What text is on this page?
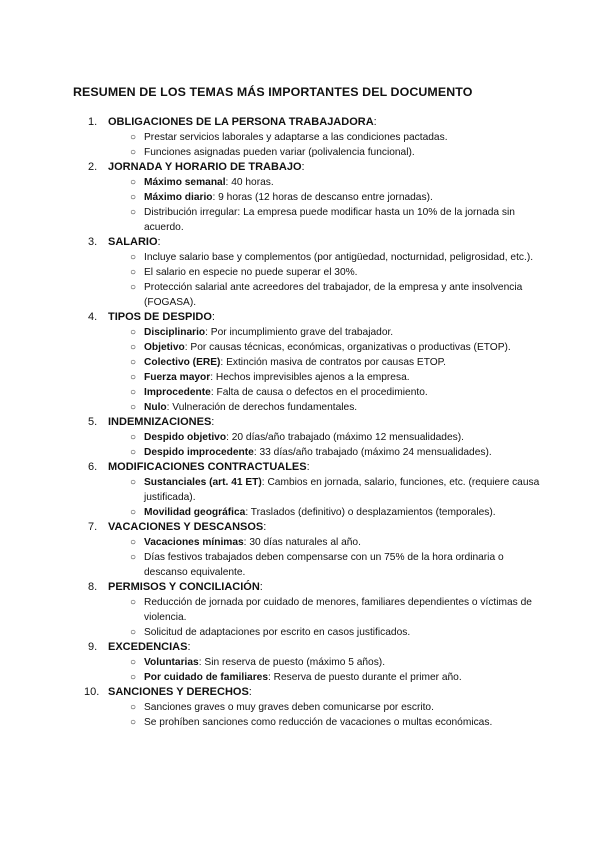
RESUMEN DE LOS TEMAS MÁS IMPORTANTES DEL DOCUMENTO
1. OBLIGACIONES DE LA PERSONA TRABAJADORA:
○ Prestar servicios laborales y adaptarse a las condiciones pactadas.
○ Funciones asignadas pueden variar (polivalencia funcional).
2. JORNADA Y HORARIO DE TRABAJO:
○ Máximo semanal: 40 horas.
○ Máximo diario: 9 horas (12 horas de descanso entre jornadas).
○ Distribución irregular: La empresa puede modificar hasta un 10% de la jornada sin acuerdo.
3. SALARIO:
○ Incluye salario base y complementos (por antigüedad, nocturnidad, peligrosidad, etc.).
○ El salario en especie no puede superar el 30%.
○ Protección salarial ante acreedores del trabajador, de la empresa y ante insolvencia (FOGASA).
4. TIPOS DE DESPIDO:
○ Disciplinario: Por incumplimiento grave del trabajador.
○ Objetivo: Por causas técnicas, económicas, organizativas o productivas (ETOP).
○ Colectivo (ERE): Extinción masiva de contratos por causas ETOP.
○ Fuerza mayor: Hechos imprevisibles ajenos a la empresa.
○ Improcedente: Falta de causa o defectos en el procedimiento.
○ Nulo: Vulneración de derechos fundamentales.
5. INDEMNIZACIONES:
○ Despido objetivo: 20 días/año trabajado (máximo 12 mensualidades).
○ Despido improcedente: 33 días/año trabajado (máximo 24 mensualidades).
6. MODIFICACIONES CONTRACTUALES:
○ Sustanciales (art. 41 ET): Cambios en jornada, salario, funciones, etc. (requiere causa justificada).
○ Movilidad geográfica: Traslados (definitivo) o desplazamientos (temporales).
7. VACACIONES Y DESCANSOS:
○ Vacaciones mínimas: 30 días naturales al año.
○ Días festivos trabajados deben compensarse con un 75% de la hora ordinaria o descanso equivalente.
8. PERMISOS Y CONCILIACIÓN:
○ Reducción de jornada por cuidado de menores, familiares dependientes o víctimas de violencia.
○ Solicitud de adaptaciones por escrito en casos justificados.
9. EXCEDENCIAS:
○ Voluntarias: Sin reserva de puesto (máximo 5 años).
○ Por cuidado de familiares: Reserva de puesto durante el primer año.
10. SANCIONES Y DERECHOS:
○ Sanciones graves o muy graves deben comunicarse por escrito.
○ Se prohíben sanciones como reducción de vacaciones o multas económicas.
